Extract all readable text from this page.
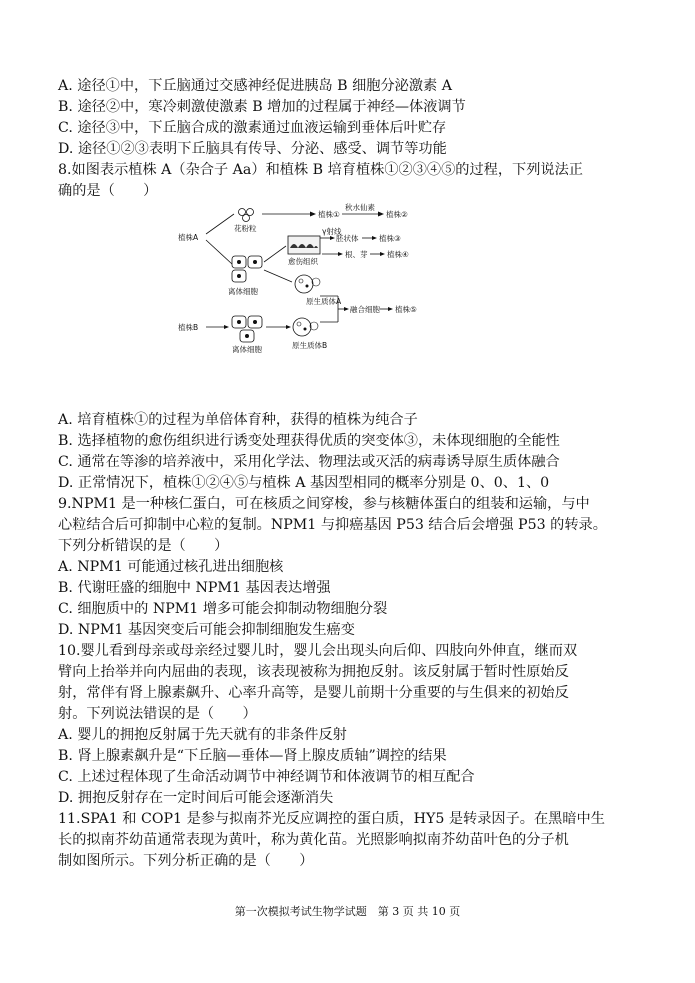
A. 途径①中，下丘脑通过交感神经促进胰岛 B 细胞分泌激素 A
B. 途径②中，寒冷刺激使激素 B 增加的过程属于神经—体液调节
C. 途径③中，下丘脑合成的激素通过血液运输到垂体后叶贮存
D. 途径①②③表明下丘脑具有传导、分泌、感受、调节等功能
8.如图表示植株 A（杂合子 Aa）和植株 B 培育植株①②③④⑤的过程，下列说法正
确的是（　　）
植株A
花粉粒
植株①
秋水仙素
植株②
离体细胞
愈伤组织
γ射线
胚状体	植株③
根、芽	植株④
原生质体A
融合细胞 植株⑤
植株B
离体细胞	原生质体B
A. 培育植株①的过程为单倍体育种，获得的植株为纯合子
B. 选择植物的愈伤组织进行诱变处理获得优质的突变体③，未体现细胞的全能性
C. 通常在等渗的培养液中，采用化学法、物理法或灭活的病毒诱导原生质体融合
D. 正常情况下，植株①②④⑤与植株 A 基因型相同的概率分别是 0、0、1、0
9.NPM1 是一种核仁蛋白，可在核质之间穿梭，参与核糖体蛋白的组装和运输，与中
心粒结合后可抑制中心粒的复制。NPM1 与抑癌基因 P53 结合后会增强 P53 的转录。
下列分析错误的是（　　）
A. NPM1 可能通过核孔进出细胞核
B. 代谢旺盛的细胞中 NPM1 基因表达增强
C. 细胞质中的 NPM1 增多可能会抑制动物细胞分裂
D. NPM1 基因突变后可能会抑制细胞发生癌变
10.婴儿看到母亲或母亲经过婴儿时，婴儿会出现头向后仰、四肢向外伸直，继而双
臂向上抬举并向内屈曲的表现，该表现被称为拥抱反射。该反射属于暂时性原始反
射，常伴有肾上腺素飙升、心率升高等，是婴儿前期十分重要的与生俱来的初始反
射。下列说法错误的是（　　）
A. 婴儿的拥抱反射属于先天就有的非条件反射
B. 肾上腺素飙升是“下丘脑—垂体—肾上腺皮质轴”调控的结果
C. 上述过程体现了生命活动调节中神经调节和体液调节的相互配合
D. 拥抱反射存在一定时间后可能会逐渐消失
11.SPA1 和 COP1 是参与拟南芥光反应调控的蛋白质，HY5 是转录因子。在黑暗中生
长的拟南芥幼苗通常表现为黄叶，称为黄化苗。光照影响拟南芥幼苗叶色的分子机
制如图所示。下列分析正确的是（　　）
第一次模拟考试生物学试题　第 3 页 共 10 页
